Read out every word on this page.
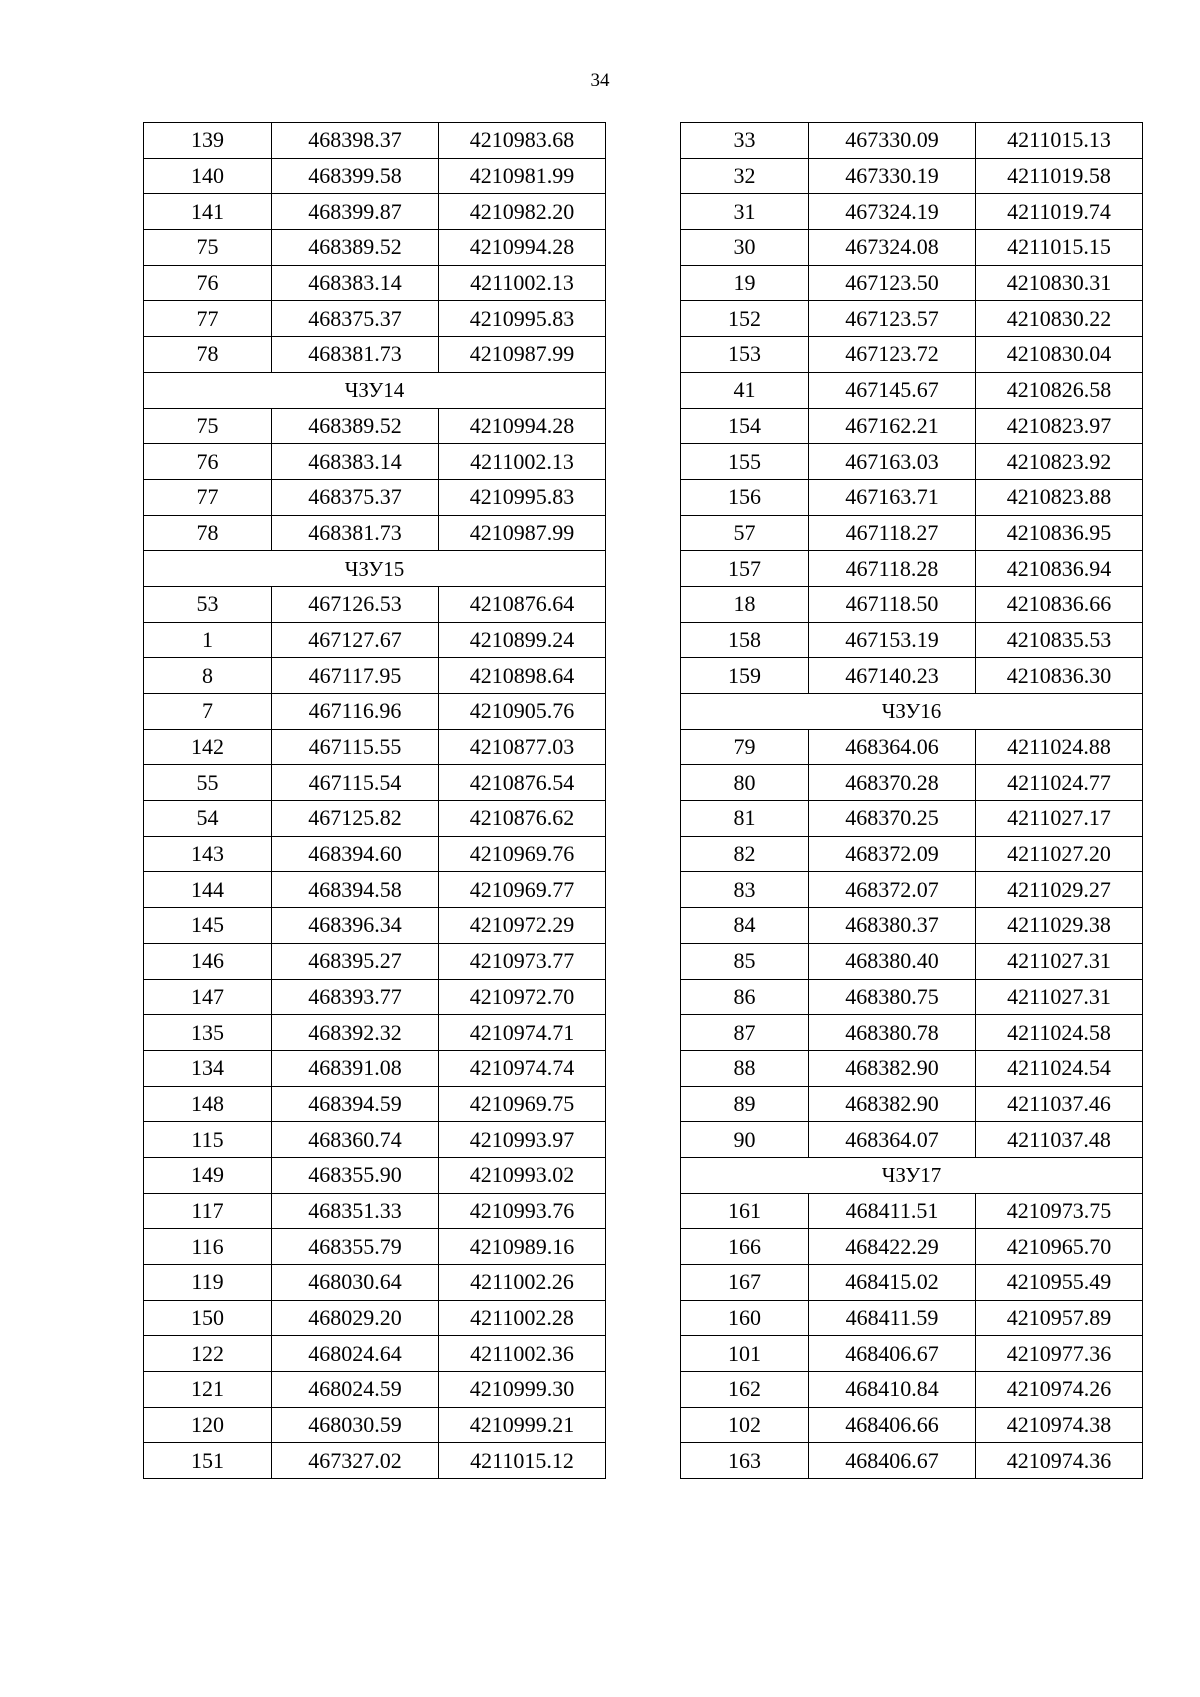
34
139	468398.37	4210983.68
140	468399.58	4210981.99
141	468399.87	4210982.20
75	468389.52	4210994.28
76	468383.14	4211002.13
77	468375.37	4210995.83
78	468381.73	4210987.99
ЧЗУ14		
75	468389.52	4210994.28
76	468383.14	4211002.13
77	468375.37	4210995.83
78	468381.73	4210987.99
ЧЗУ15		
53	467126.53	4210876.64
1	467127.67	4210899.24
8	467117.95	4210898.64
7	467116.96	4210905.76
142	467115.55	4210877.03
55	467115.54	4210876.54
54	467125.82	4210876.62
143	468394.60	4210969.76
144	468394.58	4210969.77
145	468396.34	4210972.29
146	468395.27	4210973.77
147	468393.77	4210972.70
135	468392.32	4210974.71
134	468391.08	4210974.74
148	468394.59	4210969.75
115	468360.74	4210993.97
149	468355.90	4210993.02
117	468351.33	4210993.76
116	468355.79	4210989.16
119	468030.64	4211002.26
150	468029.20	4211002.28
122	468024.64	4211002.36
121	468024.59	4210999.30
120	468030.59	4210999.21
151	467327.02	4211015.12
33	467330.09	4211015.13
32	467330.19	4211019.58
31	467324.19	4211019.74
30	467324.08	4211015.15
19	467123.50	4210830.31
152	467123.57	4210830.22
153	467123.72	4210830.04
41	467145.67	4210826.58
154	467162.21	4210823.97
155	467163.03	4210823.92
156	467163.71	4210823.88
57	467118.27	4210836.95
157	467118.28	4210836.94
18	467118.50	4210836.66
158	467153.19	4210835.53
159	467140.23	4210836.30
ЧЗУ16		
79	468364.06	4211024.88
80	468370.28	4211024.77
81	468370.25	4211027.17
82	468372.09	4211027.20
83	468372.07	4211029.27
84	468380.37	4211029.38
85	468380.40	4211027.31
86	468380.75	4211027.31
87	468380.78	4211024.58
88	468382.90	4211024.54
89	468382.90	4211037.46
90	468364.07	4211037.48
ЧЗУ17		
161	468411.51	4210973.75
166	468422.29	4210965.70
167	468415.02	4210955.49
160	468411.59	4210957.89
101	468406.67	4210977.36
162	468410.84	4210974.26
102	468406.66	4210974.38
163	468406.67	4210974.36
